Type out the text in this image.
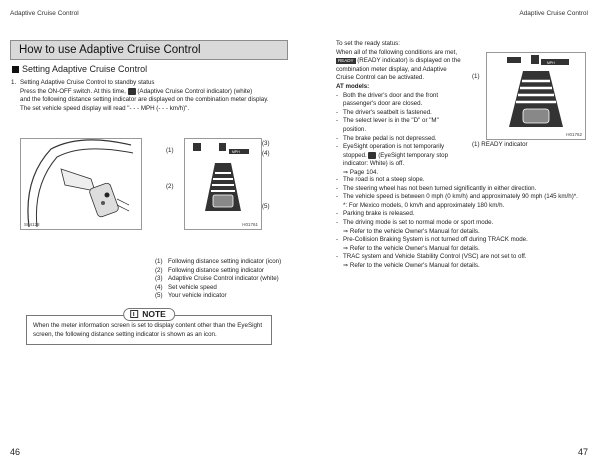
Adaptive Cruise Control
How to use Adaptive Cruise Control
Setting Adaptive Cruise Control
1. Setting Adaptive Cruise Control to standby status
Press the ON-OFF switch. At this time, (Adaptive Cruise Control indicator) (white)
and the following distance setting indicator are displayed on the combination meter display.
The set vehicle speed display will read "- - - MPH (- - - km/h)".
S04128
MPH
H01761
(1)
(2)
(3)
(4)
(5)
(1) Following distance setting indicator (icon)
(2) Following distance setting indicator
(3) Adaptive Cruise Control indicator (white)
(4) Set vehicle speed
(5) Your vehicle indicator
NOTE
When the meter information screen is set to display content other than the EyeSight screen, the following distance setting indicator is shown as an icon.
46
Adaptive Cruise Control
47
To set the ready status:
When all of the following conditions are met, READY (READY indicator) is displayed on the combination meter display, and Adaptive Cruise Control can be activated.
AT models:
- Both the driver's door and the front passenger's door are closed.
- The driver's seatbelt is fastened.
- The select lever is in the "D" or "M" position.
- The brake pedal is not depressed.
- EyeSight operation is not temporarily stopped. (EyeSight temporary stop indicator: White) is off.
⇒ Page 104.
MPH
H01762
(1)
(1) READY indicator
- The road is not a steep slope.
- The steering wheel has not been turned significantly in either direction.
- The vehicle speed is between 0 mph (0 km/h) and approximately 90 mph (145 km/h)*.
*: For Mexico models, 0 km/h and approximately 180 km/h.
- Parking brake is released.
- The driving mode is set to normal mode or sport mode.
⇒ Refer to the vehicle Owner's Manual for details.
- Pre-Collision Braking System is not turned off during TRACK mode.
⇒ Refer to the vehicle Owner's Manual for details.
- TRAC system and Vehicle Stability Control (VSC) are not set to off.
⇒ Refer to the vehicle Owner's Manual for details.
